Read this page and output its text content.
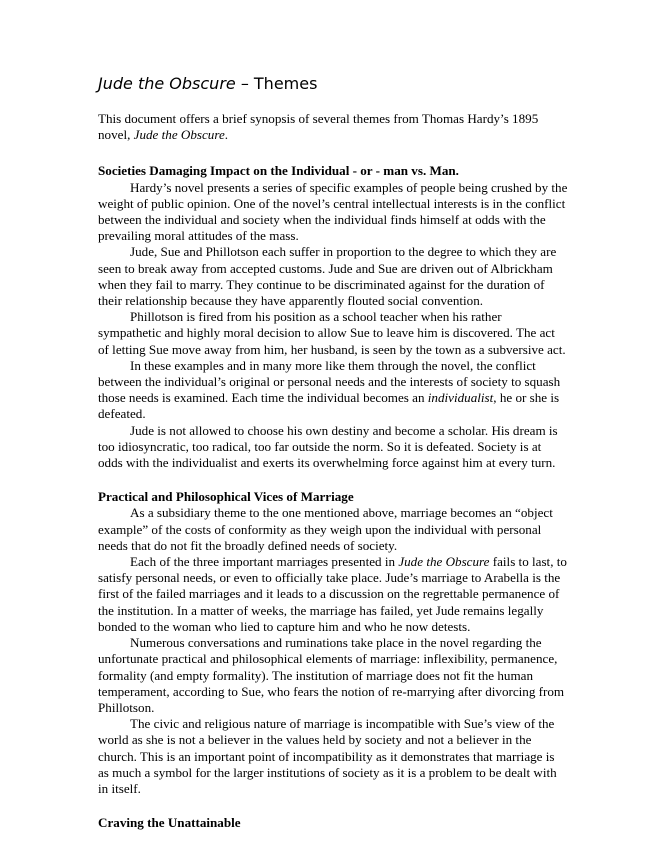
Jude the Obscure – Themes

This document offers a brief synopsis of several themes from Thomas Hardy’s 1895 novel, Jude the Obscure.

Societies Damaging Impact on the Individual - or - man vs. Man.

Hardy’s novel presents a series of specific examples of people being crushed by the weight of public opinion. One of the novel’s central intellectual interests is in the conflict between the individual and society when the individual finds himself at odds with the prevailing moral attitudes of the mass.

Jude, Sue and Phillotson each suffer in proportion to the degree to which they are seen to break away from accepted customs. Jude and Sue are driven out of Albrickham when they fail to marry. They continue to be discriminated against for the duration of their relationship because they have apparently flouted social convention.

Phillotson is fired from his position as a school teacher when his rather sympathetic and highly moral decision to allow Sue to leave him is discovered. The act of letting Sue move away from him, her husband, is seen by the town as a subversive act.

In these examples and in many more like them through the novel, the conflict between the individual’s original or personal needs and the interests of society to squash those needs is examined. Each time the individual becomes an individualist, he or she is defeated.

Jude is not allowed to choose his own destiny and become a scholar. His dream is too idiosyncratic, too radical, too far outside the norm. So it is defeated. Society is at odds with the individualist and exerts its overwhelming force against him at every turn.

Practical and Philosophical Vices of Marriage

As a subsidiary theme to the one mentioned above, marriage becomes an “object example” of the costs of conformity as they weigh upon the individual with personal needs that do not fit the broadly defined needs of society.

Each of the three important marriages presented in Jude the Obscure fails to last, to satisfy personal needs, or even to officially take place. Jude’s marriage to Arabella is the first of the failed marriages and it leads to a discussion on the regrettable permanence of the institution. In a matter of weeks, the marriage has failed, yet Jude remains legally bonded to the woman who lied to capture him and who he now detests.

Numerous conversations and ruminations take place in the novel regarding the unfortunate practical and philosophical elements of marriage: inflexibility, permanence, formality (and empty formality). The institution of marriage does not fit the human temperament, according to Sue, who fears the notion of re-marrying after divorcing from Phillotson.

The civic and religious nature of marriage is incompatible with Sue’s view of the world as she is not a believer in the values held by society and not a believer in the church. This is an important point of incompatibility as it demonstrates that marriage is as much a symbol for the larger institutions of society as it is a problem to be dealt with in itself.

Craving the Unattainable
